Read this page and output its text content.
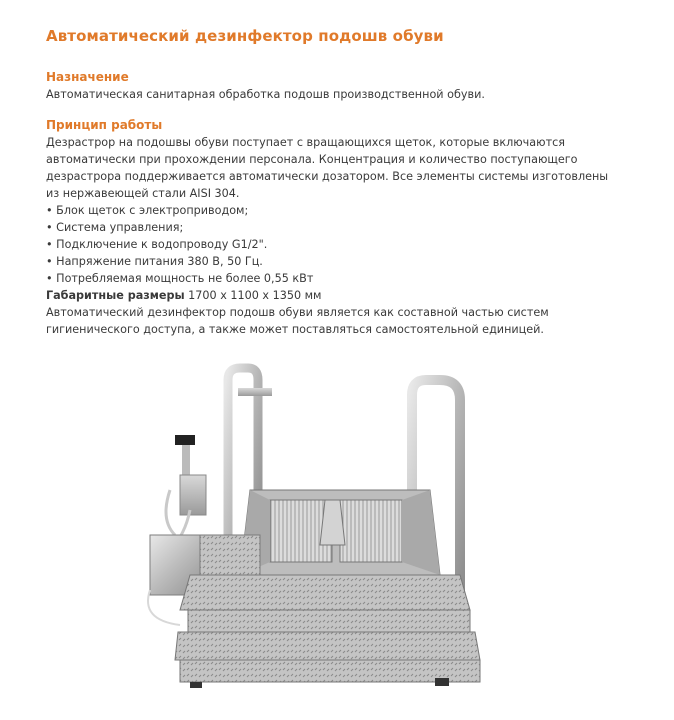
Автоматический дезинфектор подошв обуви
Назначение
Автоматическая санитарная обработка подошв производственной обуви.
Принцип работы
Дезрастрор на подошвы обуви поступает с вращающихся щеток, которые включаются
автоматически при прохождении персонала. Концентрация и количество поступающего
дезрастрора поддерживается автоматически дозатором. Все элементы системы изготовлены
из нержавеющей стали AISI 304.
• Блок щеток с электроприводом;
• Система управления;
• Подключение к водопроводу G1/2".
• Напряжение питания 380 В, 50 Гц.
• Потребляемая мощность не более 0,55 кВт
Габаритные размеры 1700 х 1100 х 1350 мм
Автоматический дезинфектор подошв обуви является как составной частью систем
гигиенического доступа, а также может поставляться самостоятельной единицей.
